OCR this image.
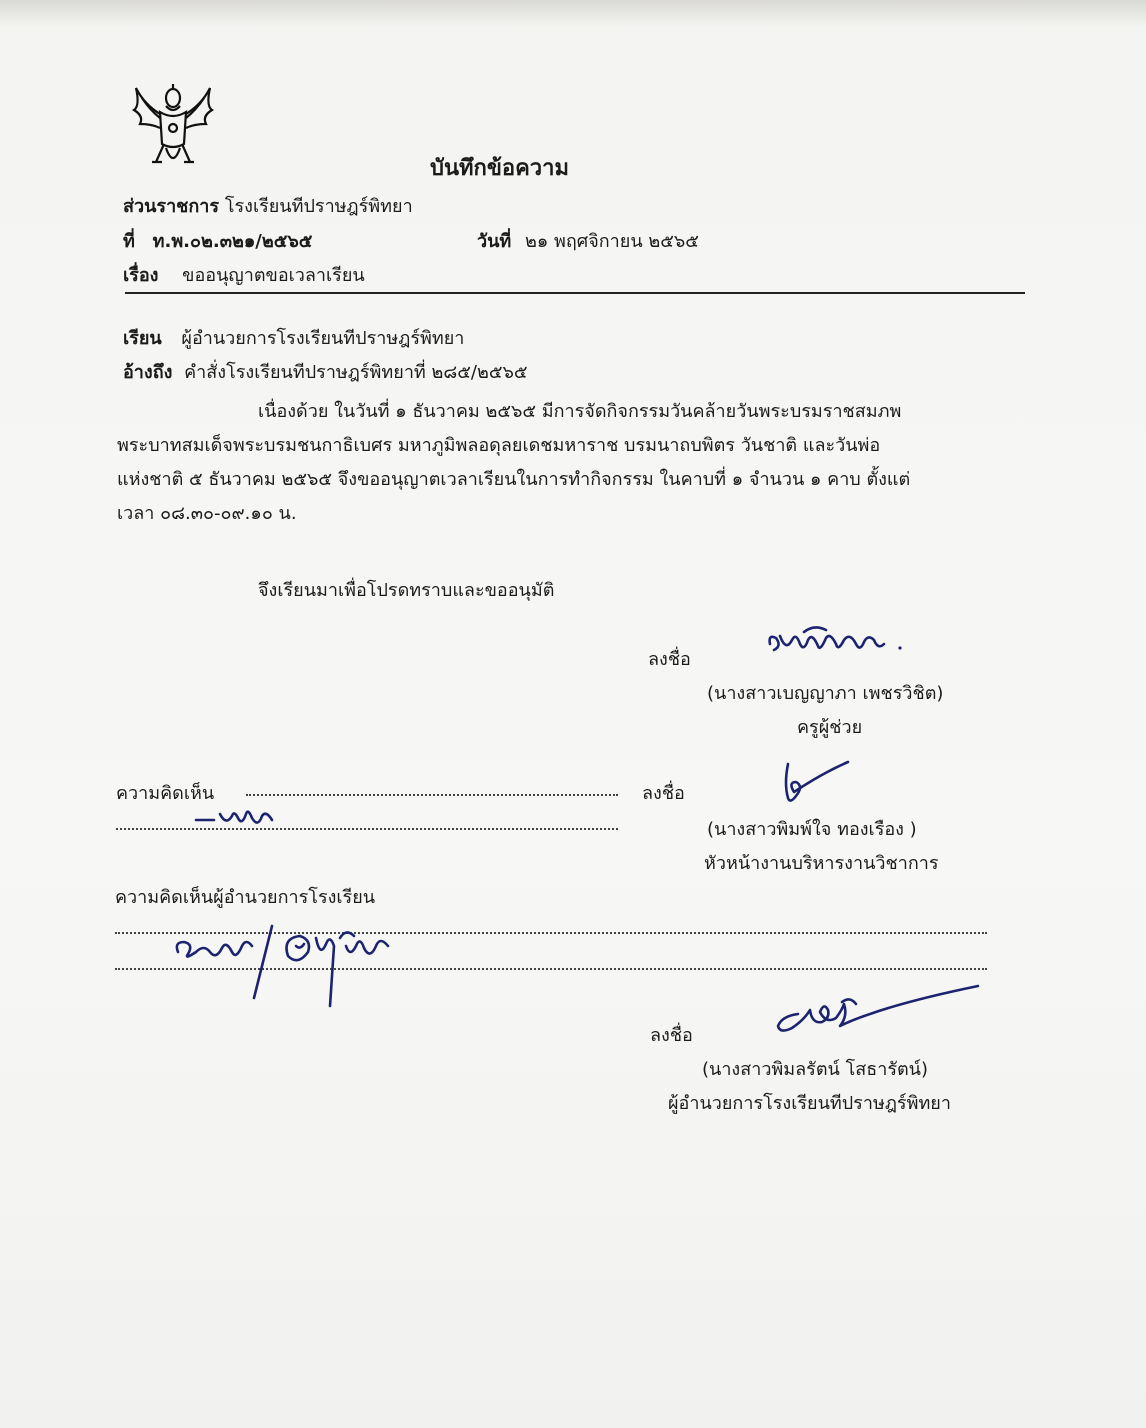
บันทึกข้อความ
ส่วนราชการ โรงเรียนทีปราษฎร์พิทยา
ที่ ท.พ.๐๒.๓๒๑/๒๕๖๕	วันที่ ๒๑ พฤศจิกายน ๒๕๖๕
เรื่อง ขออนุญาตขอเวลาเรียน
เรียน ผู้อำนวยการโรงเรียนทีปราษฎร์พิทยา
อ้างถึง คำสั่งโรงเรียนทีปราษฎร์พิทยาที่ ๒๘๕/๒๕๖๕
เนื่องด้วย ในวันที่ ๑ ธันวาคม ๒๕๖๕ มีการจัดกิจกรรมวันคล้ายวันพระบรมราชสมภพ
พระบาทสมเด็จพระบรมชนกาธิเบศร มหาภูมิพลอดุลยเดชมหาราช บรมนาถบพิตร วันชาติ และวันพ่อ
แห่งชาติ ๕ ธันวาคม ๒๕๖๕ จึงขออนุญาตเวลาเรียนในการทำกิจกรรม ในคาบที่ ๑ จำนวน ๑ คาบ ตั้งแต่
เวลา ๐๘.๓๐-๐๙.๑๐ น.
จึงเรียนมาเพื่อโปรดทราบและขออนุมัติ
ลงชื่อ
(นางสาวเบญญาภา เพชรวิชิต)
ครูผู้ช่วย
ความคิดเห็น	ลงชื่อ
(นางสาวพิมพ์ใจ ทองเรือง )
หัวหน้างานบริหารงานวิชาการ
ความคิดเห็นผู้อำนวยการโรงเรียน
ลงชื่อ
(นางสาวพิมลรัตน์ โสธารัตน์)
ผู้อำนวยการโรงเรียนทีปราษฎร์พิทยา
